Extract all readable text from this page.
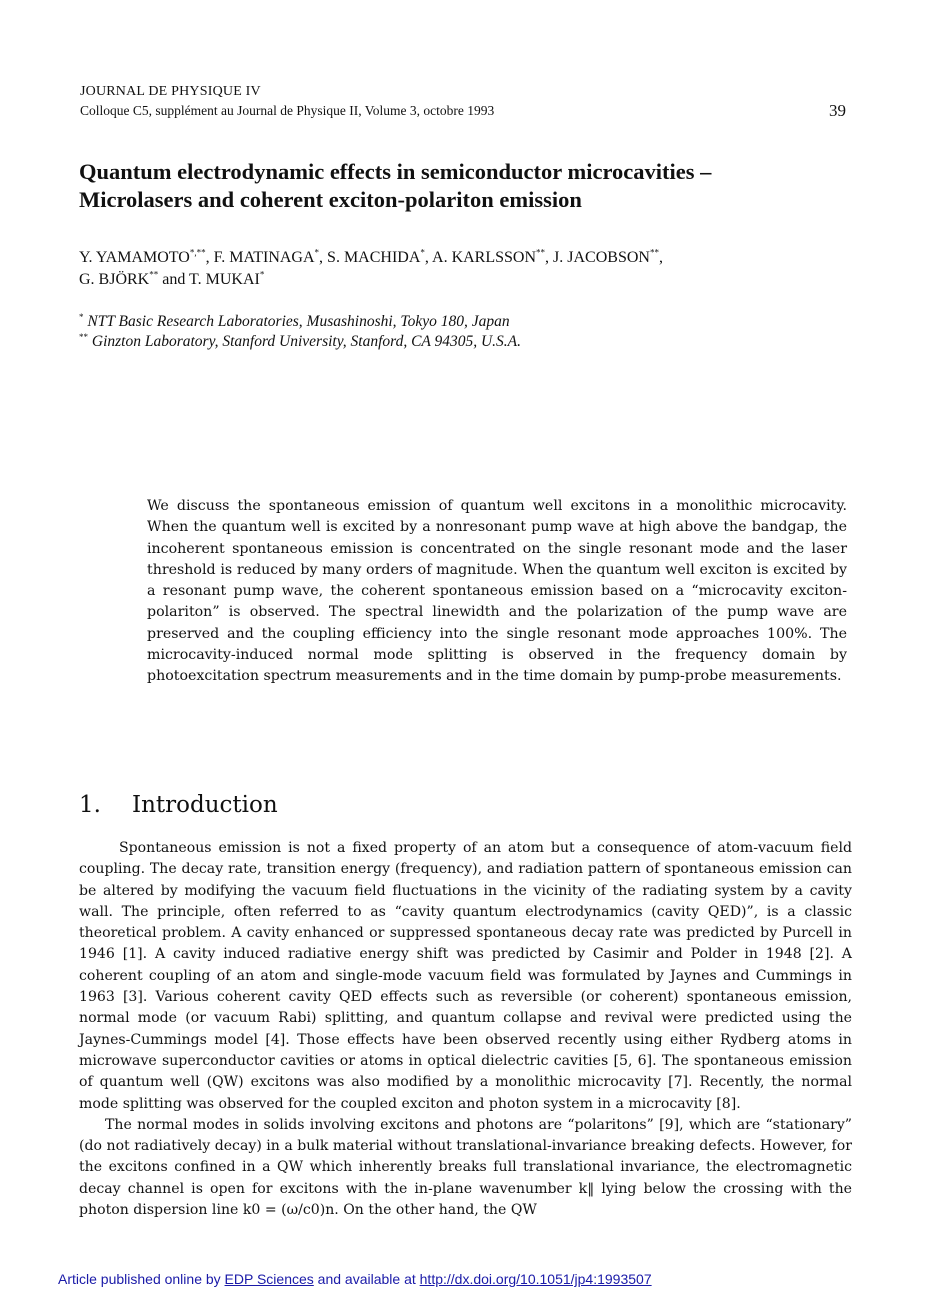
JOURNAL DE PHYSIQUE IV
Colloque C5, supplément au Journal de Physique II, Volume 3, octobre 1993	39
Quantum electrodynamic effects in semiconductor microcavities –
Microlasers and coherent exciton-polariton emission
Y. YAMAMOTO*,**, F. MATINAGA*, S. MACHIDA*, A. KARLSSON**, J. JACOBSON**,
G. BJÖRK** and T. MUKAI*
* NTT Basic Research Laboratories, Musashinoshi, Tokyo 180, Japan
** Ginzton Laboratory, Stanford University, Stanford, CA 94305, U.S.A.
We discuss the spontaneous emission of quantum well excitons in a monolithic microcavity. When the quantum well is excited by a nonresonant pump wave at high above the bandgap, the incoherent spontaneous emission is concentrated on the single resonant mode and the laser threshold is reduced by many orders of magnitude. When the quantum well exciton is excited by a resonant pump wave, the coherent spontaneous emission based on a “microcavity exciton-polariton” is observed. The spectral linewidth and the polarization of the pump wave are preserved and the coupling efficiency into the single resonant mode approaches 100%. The microcavity-induced normal mode splitting is observed in the frequency domain by photoexcitation spectrum measurements and in the time domain by pump-probe measurements.
1. Introduction

Spontaneous emission is not a fixed property of an atom but a consequence of atom-vacuum field coupling. The decay rate, transition energy (frequency), and radiation pattern of spontaneous emission can be altered by modifying the vacuum field fluctuations in the vicinity of the radiating system by a cavity wall. The principle, often referred to as “cavity quantum electrodynamics (cavity QED)”, is a classic theoretical problem. A cavity enhanced or suppressed spontaneous decay rate was predicted by Purcell in 1946 [1]. A cavity induced radiative energy shift was predicted by Casimir and Polder in 1948 [2]. A coherent coupling of an atom and single-mode vacuum field was formulated by Jaynes and Cummings in 1963 [3]. Various coherent cavity QED effects such as reversible (or coherent) spontaneous emission, normal mode (or vacuum Rabi) splitting, and quantum collapse and revival were predicted using the Jaynes-Cummings model [4]. Those effects have been observed recently using either Rydberg atoms in microwave superconductor cavities or atoms in optical dielectric cavities [5, 6]. The spontaneous emission of quantum well (QW) excitons was also modified by a monolithic microcavity [7]. Recently, the normal mode splitting was observed for the coupled exciton and photon system in a microcavity [8].

The normal modes in solids involving excitons and photons are “polaritons” [9], which are “stationary” (do not radiatively decay) in a bulk material without translational-invariance breaking defects. However, for the excitons confined in a QW which inherently breaks full translational invariance, the electromagnetic decay channel is open for excitons with the in-plane wavenumber k‖ lying below the crossing with the photon dispersion line k0 = (ω/c0)n. On the other hand, the QW

Article published online by EDP Sciences and available at http://dx.doi.org/10.1051/jp4:1993507
